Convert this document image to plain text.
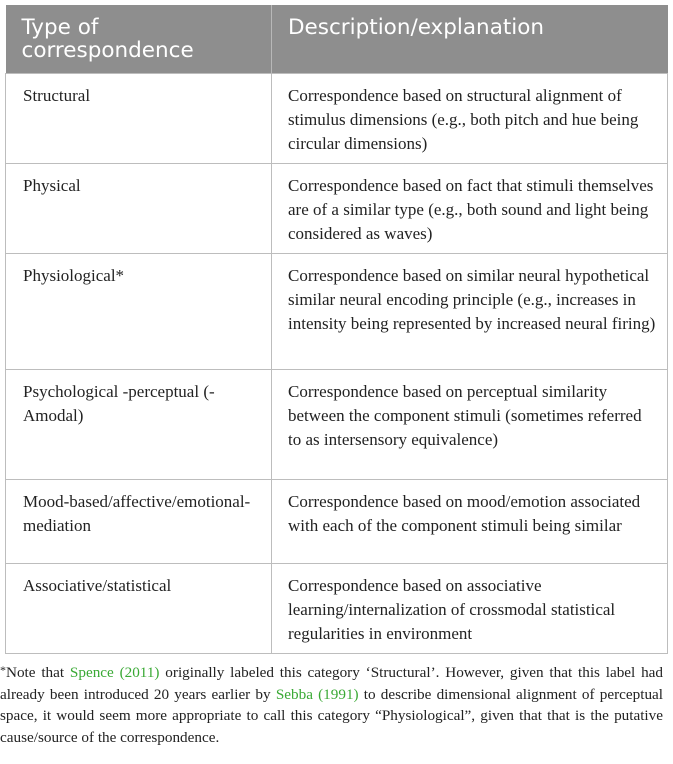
Type of correspondence	Description/explanation
Structural	Correspondence based on structural alignment of stimulus dimensions (e.g., both pitch and hue being circular dimensions)
Physical	Correspondence based on fact that stimuli themselves are of a similar type (e.g., both sound and light being considered as waves)
Physiological*	Correspondence based on similar neural hypothetical similar neural encoding principle (e.g., increases in intensity being represented by increased neural firing)
Psychological -perceptual (-Amodal)	Correspondence based on perceptual similarity between the component stimuli (sometimes referred to as intersensory equivalence)
Mood-based/affective/emotional-mediation	Correspondence based on mood/emotion associated with each of the component stimuli being similar
Associative/statistical	Correspondence based on associative learning/internalization of crossmodal statistical regularities in environment
*Note that Spence (2011) originally labeled this category ‘Structural’. However, given that this label had already been introduced 20 years earlier by Sebba (1991) to describe dimensional alignment of perceptual space, it would seem more appropriate to call this category “Physiological”, given that that is the putative cause/source of the correspondence.
